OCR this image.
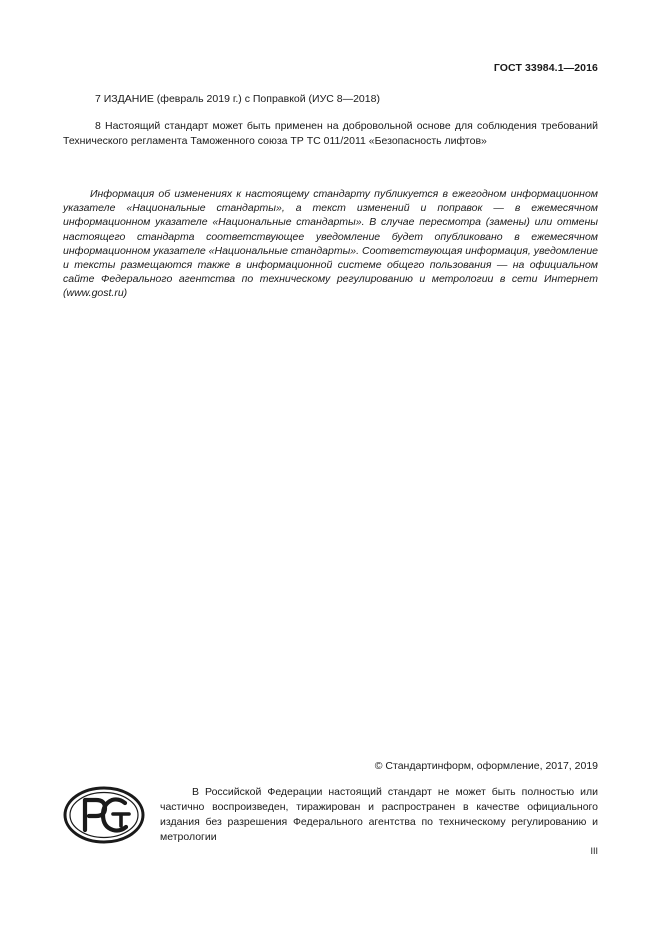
ГОСТ 33984.1—2016
7 ИЗДАНИЕ (февраль 2019 г.) с Поправкой (ИУС 8—2018)
8 Настоящий стандарт может быть применен на добровольной основе для соблюдения требований Технического регламента Таможенного союза ТР ТС 011/2011 «Безопасность лифтов»
Информация об изменениях к настоящему стандарту публикуется в ежегодном информационном указателе «Национальные стандарты», а текст изменений и поправок — в ежемесячном информационном указателе «Национальные стандарты». В случае пересмотра (замены) или отмены настоящего стандарта соответствующее уведомление будет опубликовано в ежемесячном информационном указателе «Национальные стандарты». Соответствующая информация, уведомление и тексты размещаются также в информационной системе общего пользования — на официальном сайте Федерального агентства по техническому регулированию и метрологии в сети Интернет (www.gost.ru)
© Стандартинформ, оформление, 2017, 2019
В Российской Федерации настоящий стандарт не может быть полностью или частично воспроизведен, тиражирован и распространен в качестве официального издания без разрешения Федерального агентства по техническому регулированию и метрологии
III
